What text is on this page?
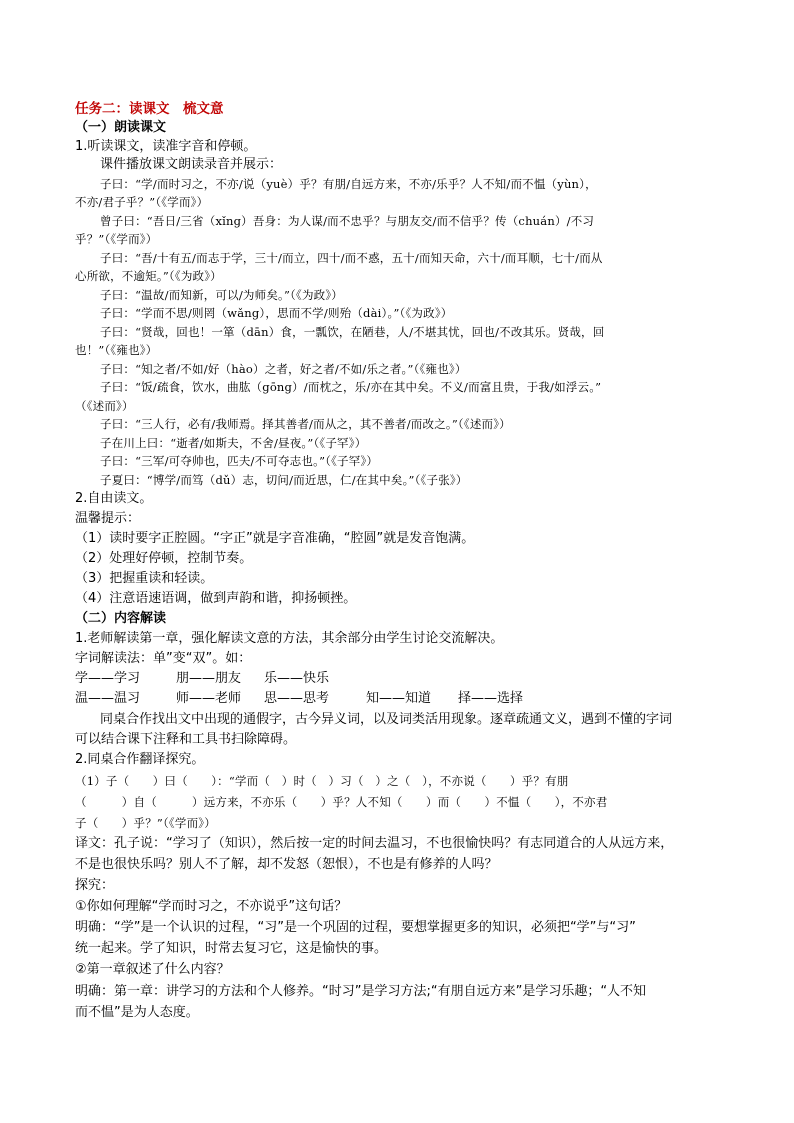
任务二：读课文　梳文意
（一）朗读课文
1.听读课文，读准字音和停顿。
课件播放课文朗读录音并展示：
子曰：“学/而时习之，不亦/说（yuè）乎？有朋/自远方来，不亦/乐乎？人不知/而不愠（yùn），
不亦/君子乎？”（《学而》）
曾子曰：“吾日/三省（xǐng）吾身：为人谋/而不忠乎？与朋友交/而不信乎？传（chuán）/不习
乎？”（《学而》）
子曰：“吾/十有五/而志于学，三十/而立，四十/而不惑，五十/而知天命，六十/而耳顺，七十/而从
心所欲，不逾矩。”（《为政》）
子曰：“温故/而知新，可以/为师矣。”（《为政》）
子曰：“学而不思/则罔（wǎng），思而不学/则殆（dài）。”（《为政》）
子曰：“贤哉，回也！一箪（dān）食，一瓢饮，在陋巷，人/不堪其忧，回也/不改其乐。贤哉，回
也！”（《雍也》）
子曰：“知之者/不如/好（hào）之者，好之者/不如/乐之者。”（《雍也》）
子曰：“饭/疏食，饮水，曲肱（gōng）/而枕之，乐/亦在其中矣。不义/而富且贵，于我/如浮云。”
（《述而》）
子曰：“三人行，必有/我师焉。择其善者/而从之，其不善者/而改之。”（《述而》）
子在川上曰：“逝者/如斯夫，不舍/昼夜。”（《子罕》）
子曰：“三军/可夺帅也，匹夫/不可夺志也。”（《子罕》）
子夏曰：“博学/而笃（dǔ）志，切问/而近思，仁/在其中矣。”（《子张》）
2.自由读文。
温馨提示：
（1）读时要字正腔圆。“字正”就是字音准确，“腔圆”就是发音饱满。
（2）处理好停顿，控制节奏。
（3）把握重读和轻读。
（4）注意语速语调，做到声韵和谐，抑扬顿挫。
（二）内容解读
1.老师解读第一章，强化解读文意的方法，其余部分由学生讨论交流解决。
字词解读法：单”变“双”。如：
学——学习	朋——朋友 乐——快乐
温——温习	师——老师 思——思考	知——知道 择——选择
同桌合作找出文中出现的通假字，古今异义词，以及词类活用现象。逐章疏通文义，遇到不懂的字词
可以结合课下注释和工具书扫除障碍。
2.同桌合作翻译探究。
（1）子（　　）曰（　　）：“学而（　）时（　）习（　）之（　），不亦说（　　）乎？有朋
（　　　）自（　　　）远方来，不亦乐（　　）乎？人不知（　　）而（　　）不愠（　　），不亦君
子（　　）乎？”（《学而》）
译文：孔子说：“学习了（知识），然后按一定的时间去温习，不也很愉快吗？有志同道合的人从远方来，
不是也很快乐吗？别人不了解，却不发怒（恕恨），不也是有修养的人吗？
探究：
①你如何理解“学而时习之，不亦说乎”这句话？
明确：“学”是一个认识的过程，“习”是一个巩固的过程，要想掌握更多的知识，必须把“学”与“习”
统一起来。学了知识，时常去复习它，这是愉快的事。
②第一章叙述了什么内容？
明确：第一章：讲学习的方法和个人修养。“时习”是学习方法;“有朋自远方来”是学习乐趣；“人不知
而不愠”是为人态度。
